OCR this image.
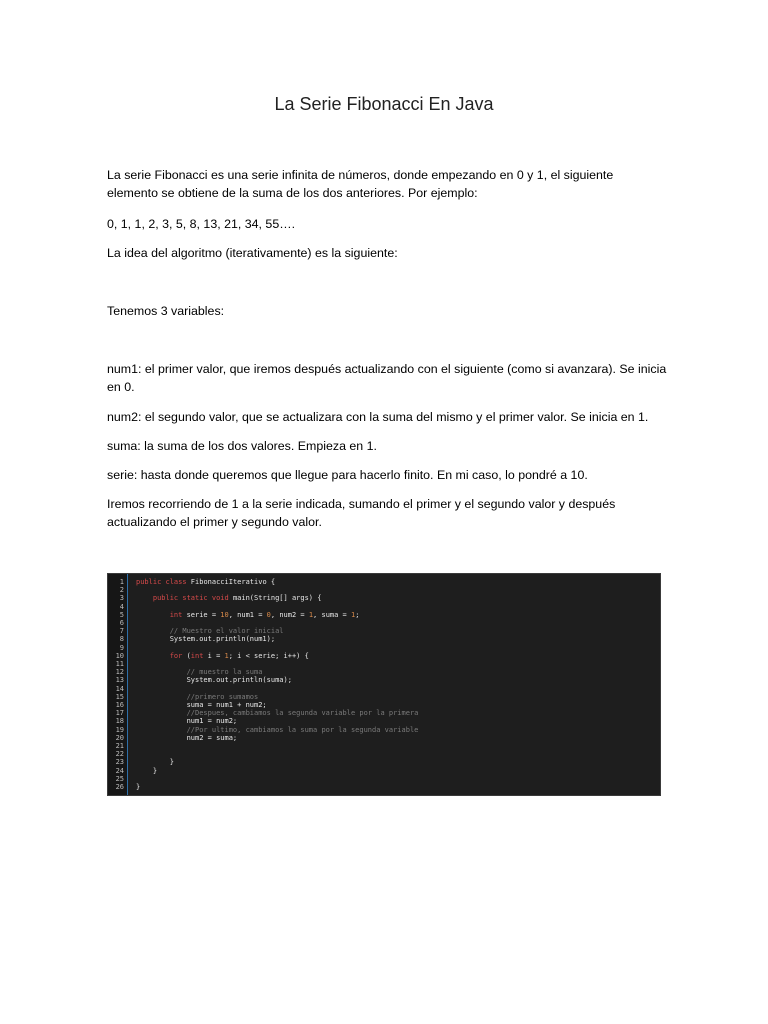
La Serie Fibonacci En Java

La serie Fibonacci es una serie infinita de números, donde empezando en 0 y 1, el siguiente elemento se obtiene de la suma de los dos anteriores. Por ejemplo:

0, 1, 1, 2, 3, 5, 8, 13, 21, 34, 55….

La idea del algoritmo (iterativamente) es la siguiente:

Tenemos 3 variables:

num1: el primer valor, que iremos después actualizando con el siguiente (como si avanzara). Se inicia en 0.

num2: el segundo valor, que se actualizara con la suma del mismo y el primer valor. Se inicia en 1.

suma: la suma de los dos valores. Empieza en 1.

serie: hasta donde queremos que llegue para hacerlo finito. En mi caso, lo pondré a 10.

Iremos recorriendo de 1 a la serie indicada, sumando el primer y el segundo valor y después actualizando el primer y segundo valor.

1 public class FibonacciIterativo {
2
3	public static void main(String[] args) {
4
5	int serie = 10, num1 = 0, num2 = 1, suma = 1;
6
7	// Muestro el valor inicial
8        System.out.println(num1);
9
10	for (int i = 1; i < serie; i++) {
11
12	// muestro la suma
13            System.out.println(suma);
14
15	//primero sumamos
16            suma = num1 + num2;
17	//Despues, cambiamos la segunda variable por la primera
18            num1 = num2;
19	//Por ultimo, cambiamos la suma por la segunda variable
20            num2 = suma;
21
22
23        }
24    }
25
26 }
